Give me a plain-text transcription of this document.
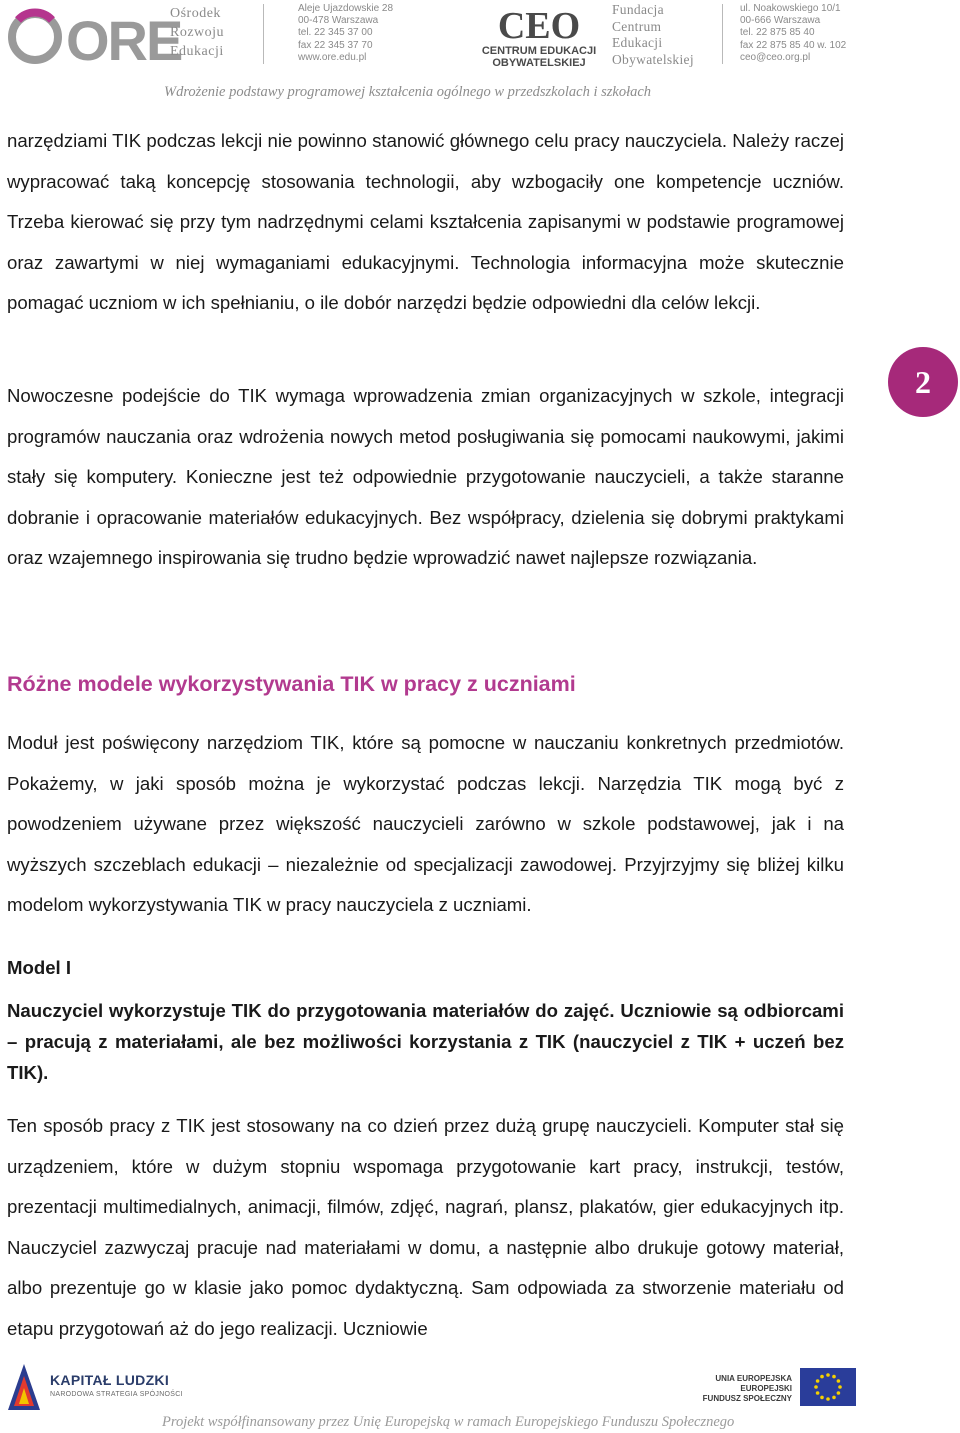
ORE
Ośrodek
Rozwoju
Edukacji
Aleje Ujazdowskie 28
00-478 Warszawa
tel. 22 345 37 00
fax 22 345 37 70
www.ore.edu.pl
CEO
CENTRUM EDUKACJI
OBYWATELSKIEJ
Fundacja
Centrum
Edukacji
Obywatelskiej
ul. Noakowskiego 10/1
00-666 Warszawa
tel. 22 875 85 40
fax 22 875 85 40 w. 102
ceo@ceo.org.pl
Wdrożenie podstawy programowej kształcenia ogólnego w przedszkolach i szkołach
2

narzędziami TIK podczas lekcji nie powinno stanowić głównego celu pracy nauczyciela. Należy raczej wypracować taką koncepcję stosowania technologii, aby wzbogaciły one kompetencje uczniów. Trzeba kierować się przy tym nadrzędnymi celami kształcenia zapisanymi w podstawie programowej oraz zawartymi w niej wymaganiami edukacyjnymi. Technologia informacyjna może skutecznie pomagać uczniom w ich spełnianiu, o ile dobór narzędzi będzie odpowiedni dla celów lekcji.

Nowoczesne podejście do TIK wymaga wprowadzenia zmian organizacyjnych w szkole, integracji programów nauczania oraz wdrożenia nowych metod posługiwania się pomocami naukowymi, jakimi stały się komputery. Konieczne jest też odpowiednie przygotowanie nauczycieli, a także staranne dobranie i opracowanie materiałów edukacyjnych. Bez współpracy, dzielenia się dobrymi praktykami oraz wzajemnego inspirowania się trudno będzie wprowadzić nawet najlepsze rozwiązania.

Różne modele wykorzystywania TIK w pracy z uczniami

Moduł jest poświęcony narzędziom TIK, które są pomocne w nauczaniu konkretnych przedmiotów. Pokażemy, w jaki sposób można je wykorzystać podczas lekcji. Narzędzia TIK mogą być z powodzeniem używane przez większość nauczycieli zarówno w szkole podstawowej, jak i na wyższych szczeblach edukacji – niezależnie od specjalizacji zawodowej. Przyjrzyjmy się bliżej kilku modelom wykorzystywania TIK w pracy nauczyciela z uczniami.

Model I

Nauczyciel wykorzystuje TIK do przygotowania materiałów do zajęć. Uczniowie są odbiorcami – pracują z materiałami, ale bez możliwości korzystania z TIK (nauczyciel z TIK + uczeń bez TIK).

Ten sposób pracy z TIK jest stosowany na co dzień przez dużą grupę nauczycieli. Komputer stał się urządzeniem, które w dużym stopniu wspomaga przygotowanie kart pracy, instrukcji, testów, prezentacji multimedialnych, animacji, filmów, zdjęć, nagrań, plansz, plakatów, gier edukacyjnych itp. Nauczyciel zazwyczaj pracuje nad materiałami w domu, a następnie albo drukuje gotowy materiał, albo prezentuje go w klasie jako pomoc dydaktyczną. Sam odpowiada za stworzenie materiału od etapu przygotowań aż do jego realizacji. Uczniowie

KAPITAŁ LUDZKI
NARODOWA STRATEGIA SPÓJNOŚCI
UNIA EUROPEJSKA
EUROPEJSKI
FUNDUSZ SPOŁECZNY
Projekt współfinansowany przez Unię Europejską w ramach Europejskiego Funduszu Społecznego
